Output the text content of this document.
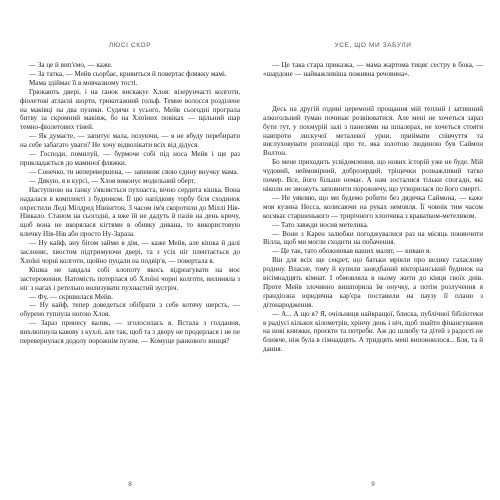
ЛЮСІ СКОР

— За це й вип'ємо, — каже.

— За татка, — Мейв сьорбає, кривиться й повертає фляжку мамі.

Мама здіймає її в мовчазному тості.

Грюкають двері, і на ґанок вискакує Хлоя: візерунчасті колготи, фіолетові атласні шорти, трикотажний гольф. Темне волосся розділене на маківці на два пузики. Судячи з усього, Мейв сьогодні програла битву за скромний макіяж, бо на Хлоїних повіках — щільний шар темно-фіолетових тіней.

— Як думаєте, — запитує мала, позуючи, — я не вбуду перебирати на себе забагато уваги? Не хочу відволікати всіх від дідуся.

— Господи, помилуй, — бурмоче собі під носа Мейв і ще раз прикладається до маминої фляжки.

— Сонечко, ти неперевершена, — запевняє свою єдину внучку мама.

— Дякую, я в курсі, — Хлоя виконує модельний оберт.

Наступною на ґанку з'являється пухнаста, вічно сердита кішка. Вона надалася в комплекті з будинком. Її цю напідкову торбу біля сходинок охрестили Леді Мілдред Нівінґтон. З часом ім'я скоротили до Міллі Нів-Нівкало. Станом на сьогодні, а вже їй не дадуть й пазів на день кричу, щоб вона не вкорялася кігтями в обивку дивана, то використовую кличку Нів-Нів або просто Ну-Зараза.

— Ну кайф, ану бігом займи в дім, — каже Мейв, але кішка й далі заслоняє, хвостом підтримуючи двері, та з усіх ніг плентається до Хлоїні чорні колготи, щойно пуцали на подвір'я, — повертала я.

Кішка не завдала собі клопоту якось відреагувати на моє застереження. Натомість потерлася об Хлоїні чорні колготи, вилиняла з ніг з нагах і ретельно вилизувати пухнастий зустріч.

— Фу, — скривилася Мейв.

— Ну кайф, тепер доведеться обібрати з себе котячу шерсть, — обурено тупнула ногою Хлоя.

— Зараз принесу валик, — зголосилась я. Встала з голдання, вихлюпнула кавову з кухлі, але так, щоб та з двору не продерлася і не пе перевернулася додолу порожнім пузом. — Комуще ранкового винця?

8
УСЕ, ЩО МИ ЗАБУЛИ

— Це така стара приказка, — мама жартома тицяє сестру в бока, — «шардоне — найважливіша поживна речовина».

Десь на другій годині церемонії прощання мій теплий і затишний алкогольний туман починає розвіюватися. Але мені не хочеться зараз бути тут, у похмурій залі з панелями на шпалерах, не хочеться стояти навпроти лискучої металевої урни, приймати співчуття та вислуховувати розповіді про те, яка золотою людиною був Саймон Волтон.

Бо мене приходить усвідомлення, що нових історій уже не буде. Мій чудовий, неймовірний, доброзердий, тріщечки розважливий татко помер. Все, його більше немає. А нам зосталися тільки спогади, які ніколи не зможуть заповнити порожнечу, що утворилася по його смерті.

— Не уявляю, що ми будемо робити без дядечка Саймона, — каже моя кузина Несса, колисаючи на руках немовля. Її човнік тим часом косякає старшенького — трирічного хлопчика з краватком-метеликом.

— Тато завжди носив метелика.

— Вони з Карен залюбки погоджувалися раз на місяць понянчити Вілла, щоб ми могли сходити на побачення.

— Це так, тато обожнював ваших малят, — киваю я.

Він для всіх ще секрет, що батьки мріяли про велику галасливу родину. Власне, тому й купили занедбаний вікторіанський будинок на вісімнадцять кімнат. І обмовляла в ньому жити до кінця своїх днів. Проте Мейв злочинно вишпорила їм онучку, а потім розлучення я ґрандіозна юридична кар'єра поставили на паузу її плани з дітонародження.

— А... А що я? Я, очільниця найкращої, блиска, публічної бібліотеки в радіусі кількох кілометрів, хрінчу день і ніч, щоб знайти фінансування на нові книжки, проєкти та потреби. Аж до шлюбу та дітей з радості не ближче, ніж була в сімнадцять. А тридцять мені виповнилося... Бля, та й дання.

9
